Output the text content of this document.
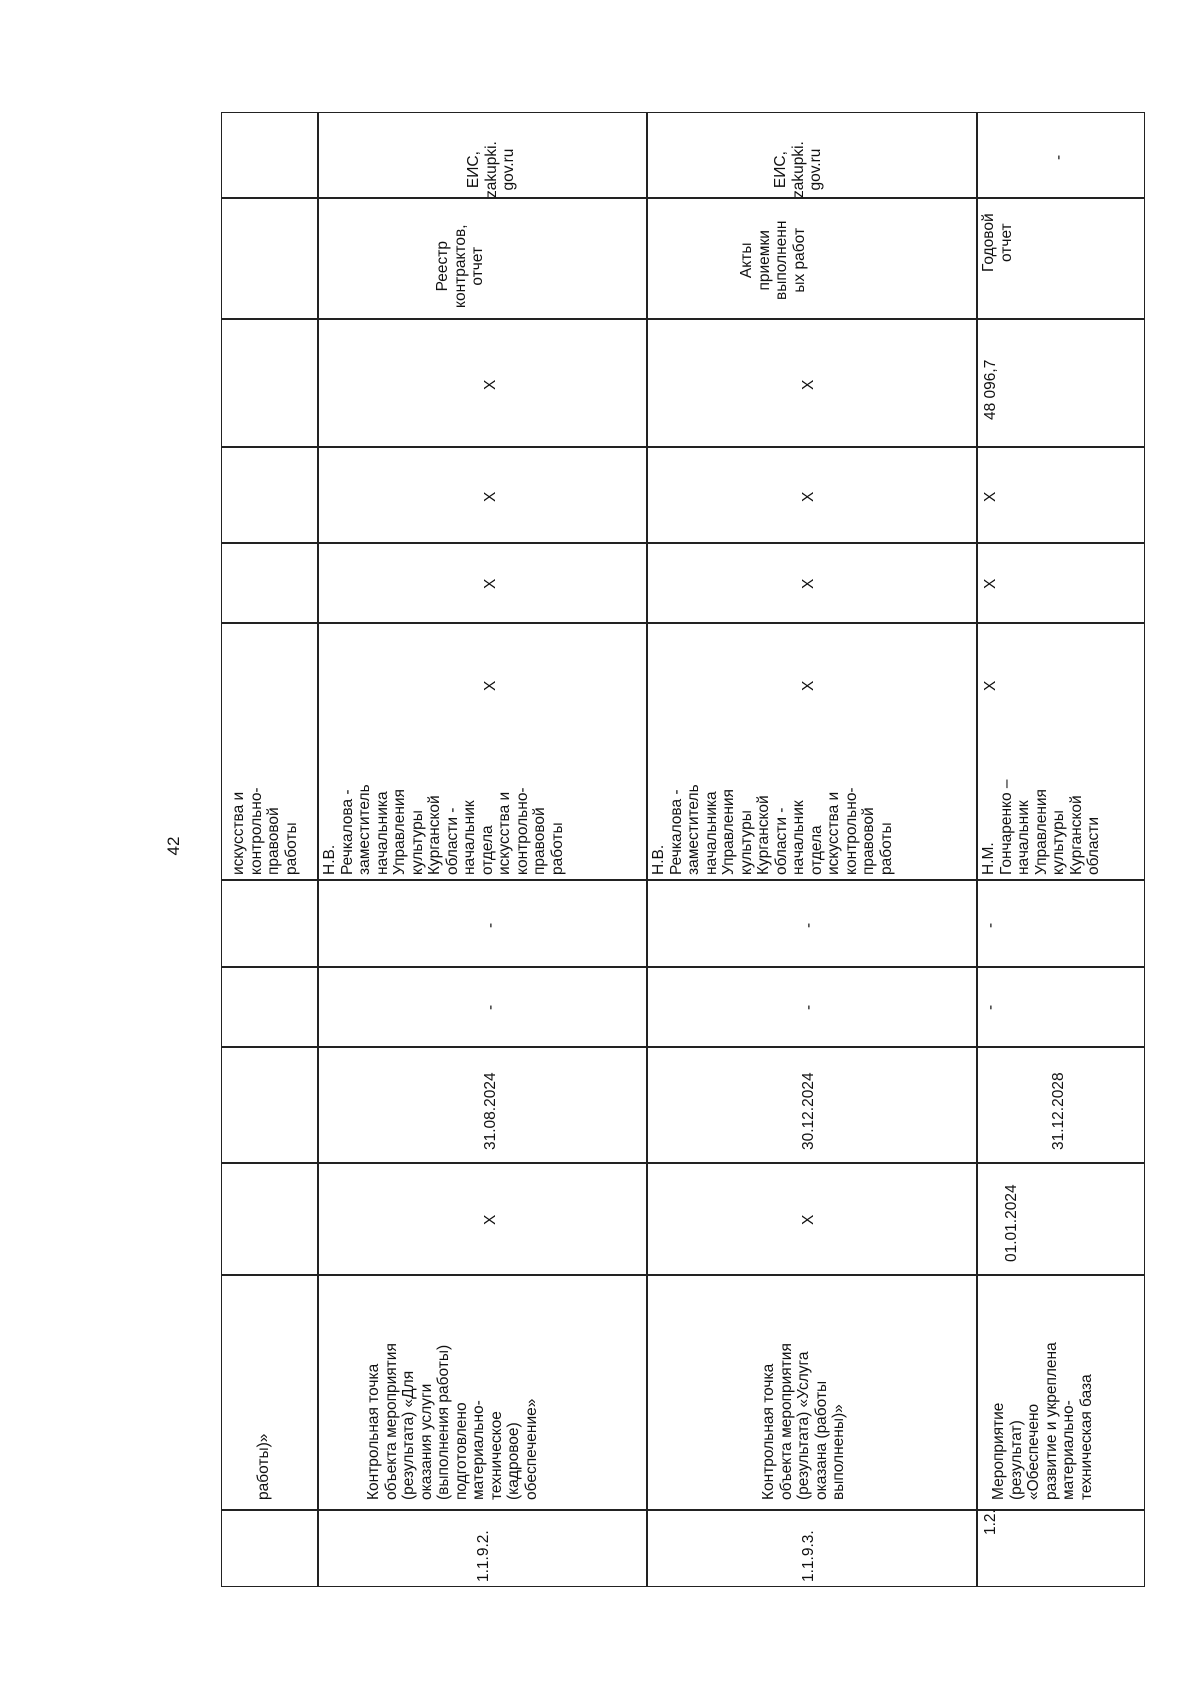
42
работы)»
искусства и
контрольно-
правовой
работы
1.1.9.2.
Контрольная точка
объекта мероприятия
(результата) «Для
оказания услуги
(выполнения работы)
подготовлено
материально-
техническое
(кадровое)
обеспечение»
X
31.08.2024
-
-
Н.В.
Речкалова -
заместитель
начальника
Управления
культуры
Курганской
области -
начальник
отдела
искусства и
контрольно-
правовой
работы
X
X
X
X
Реестр
контрактов,
отчет
ЕИС,
zakupki.
gov.ru
1.1.9.3.
Контрольная точка
объекта мероприятия
(результата) «Услуга
оказана (работы
выполнены)»
X
30.12.2024
-
-
Н.В.
Речкалова -
заместитель
начальника
Управления
культуры
Курганской
области -
начальник
отдела
искусства и
контрольно-
правовой
работы
X
X
X
X
Акты
приемки
выполненн
ых работ
ЕИС,
zakupki.
gov.ru
1.2.
Мероприятие
(результат)
«Обеспечено
развитие и укреплена
материально-
техническая база
01.01.2024
31.12.2028
-
-
Н.М.
Гончаренко –
начальник
Управления
культуры
Курганской
области
X
X
X
48 096,7
Годовой
отчет
-
